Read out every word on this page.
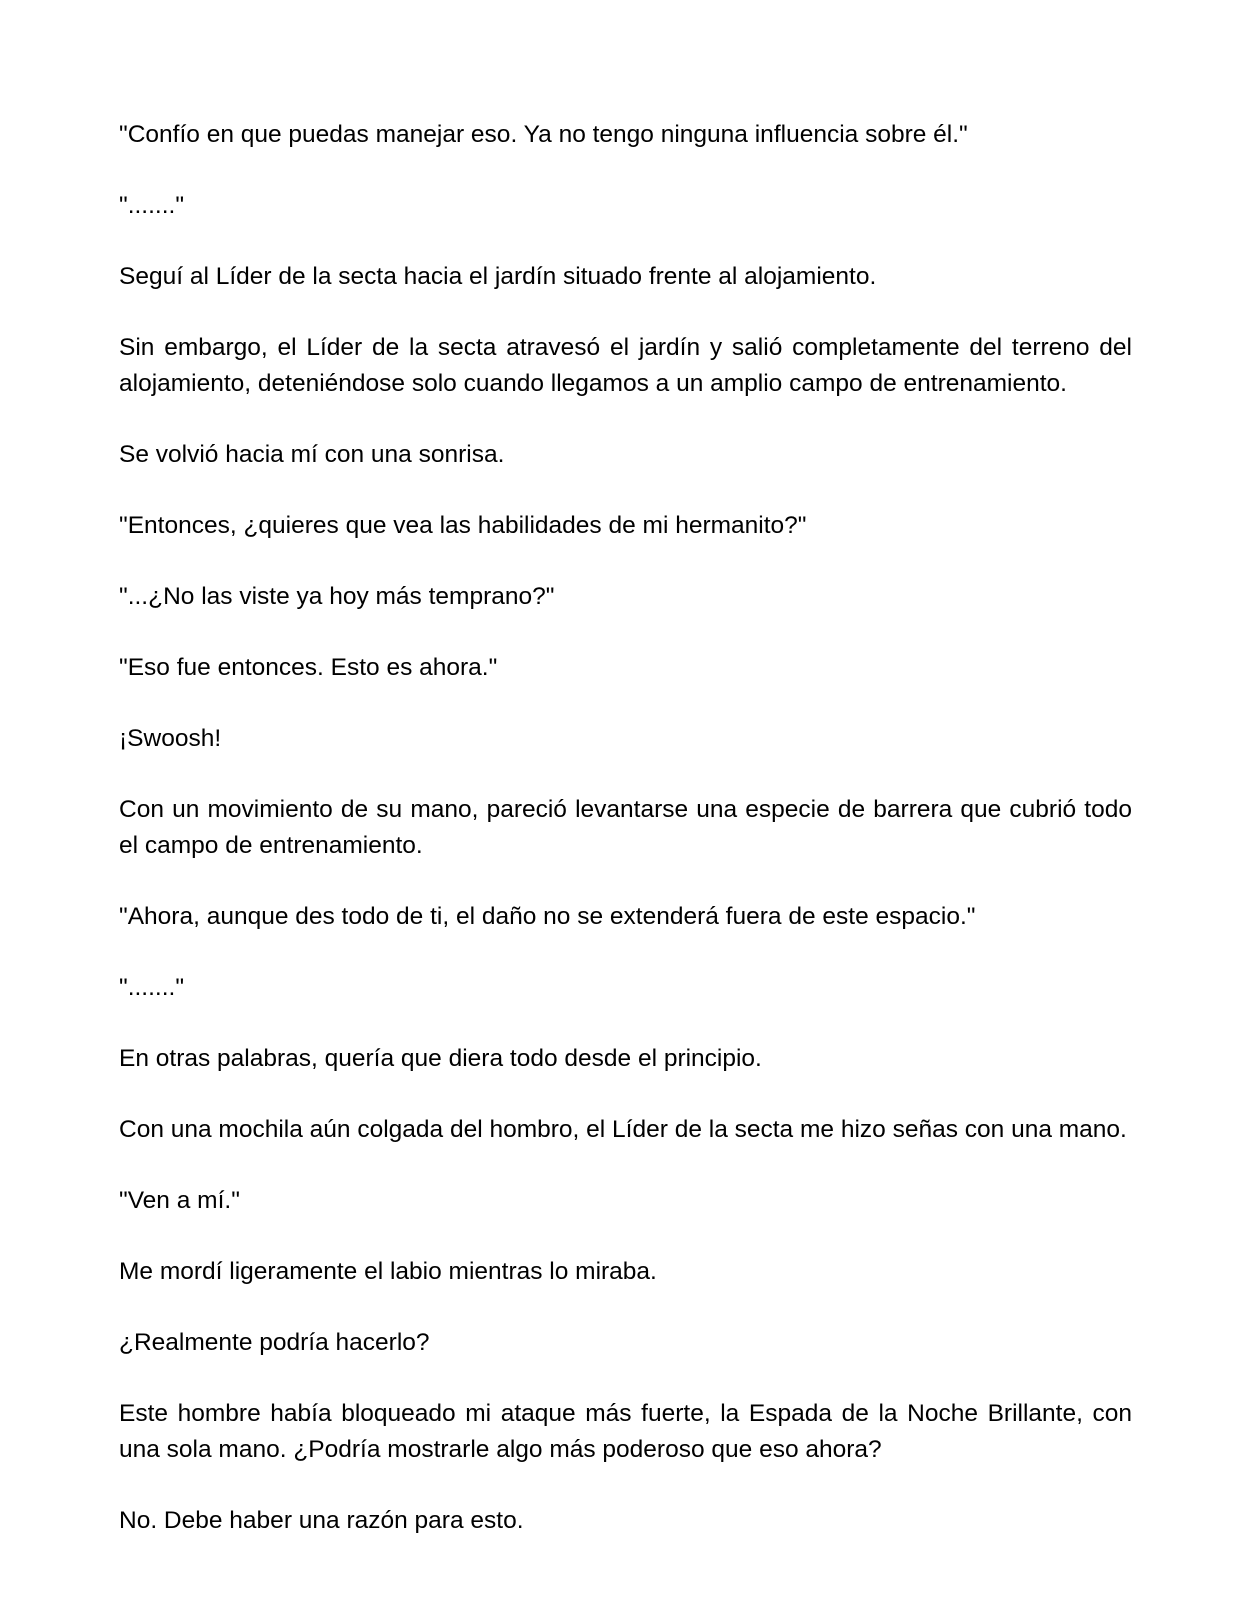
"Confío en que puedas manejar eso. Ya no tengo ninguna influencia sobre él."

"......."

Seguí al Líder de la secta hacia el jardín situado frente al alojamiento.

Sin embargo, el Líder de la secta atravesó el jardín y salió completamente del terreno del alojamiento, deteniéndose solo cuando llegamos a un amplio campo de entrenamiento.

Se volvió hacia mí con una sonrisa.

"Entonces, ¿quieres que vea las habilidades de mi hermanito?"

"...¿No las viste ya hoy más temprano?"

"Eso fue entonces. Esto es ahora."

¡Swoosh!

Con un movimiento de su mano, pareció levantarse una especie de barrera que cubrió todo el campo de entrenamiento.

"Ahora, aunque des todo de ti, el daño no se extenderá fuera de este espacio."

"......."

En otras palabras, quería que diera todo desde el principio.

Con una mochila aún colgada del hombro, el Líder de la secta me hizo señas con una mano.

"Ven a mí."

Me mordí ligeramente el labio mientras lo miraba.

¿Realmente podría hacerlo?

Este hombre había bloqueado mi ataque más fuerte, la Espada de la Noche Brillante, con una sola mano. ¿Podría mostrarle algo más poderoso que eso ahora?

No. Debe haber una razón para esto.
